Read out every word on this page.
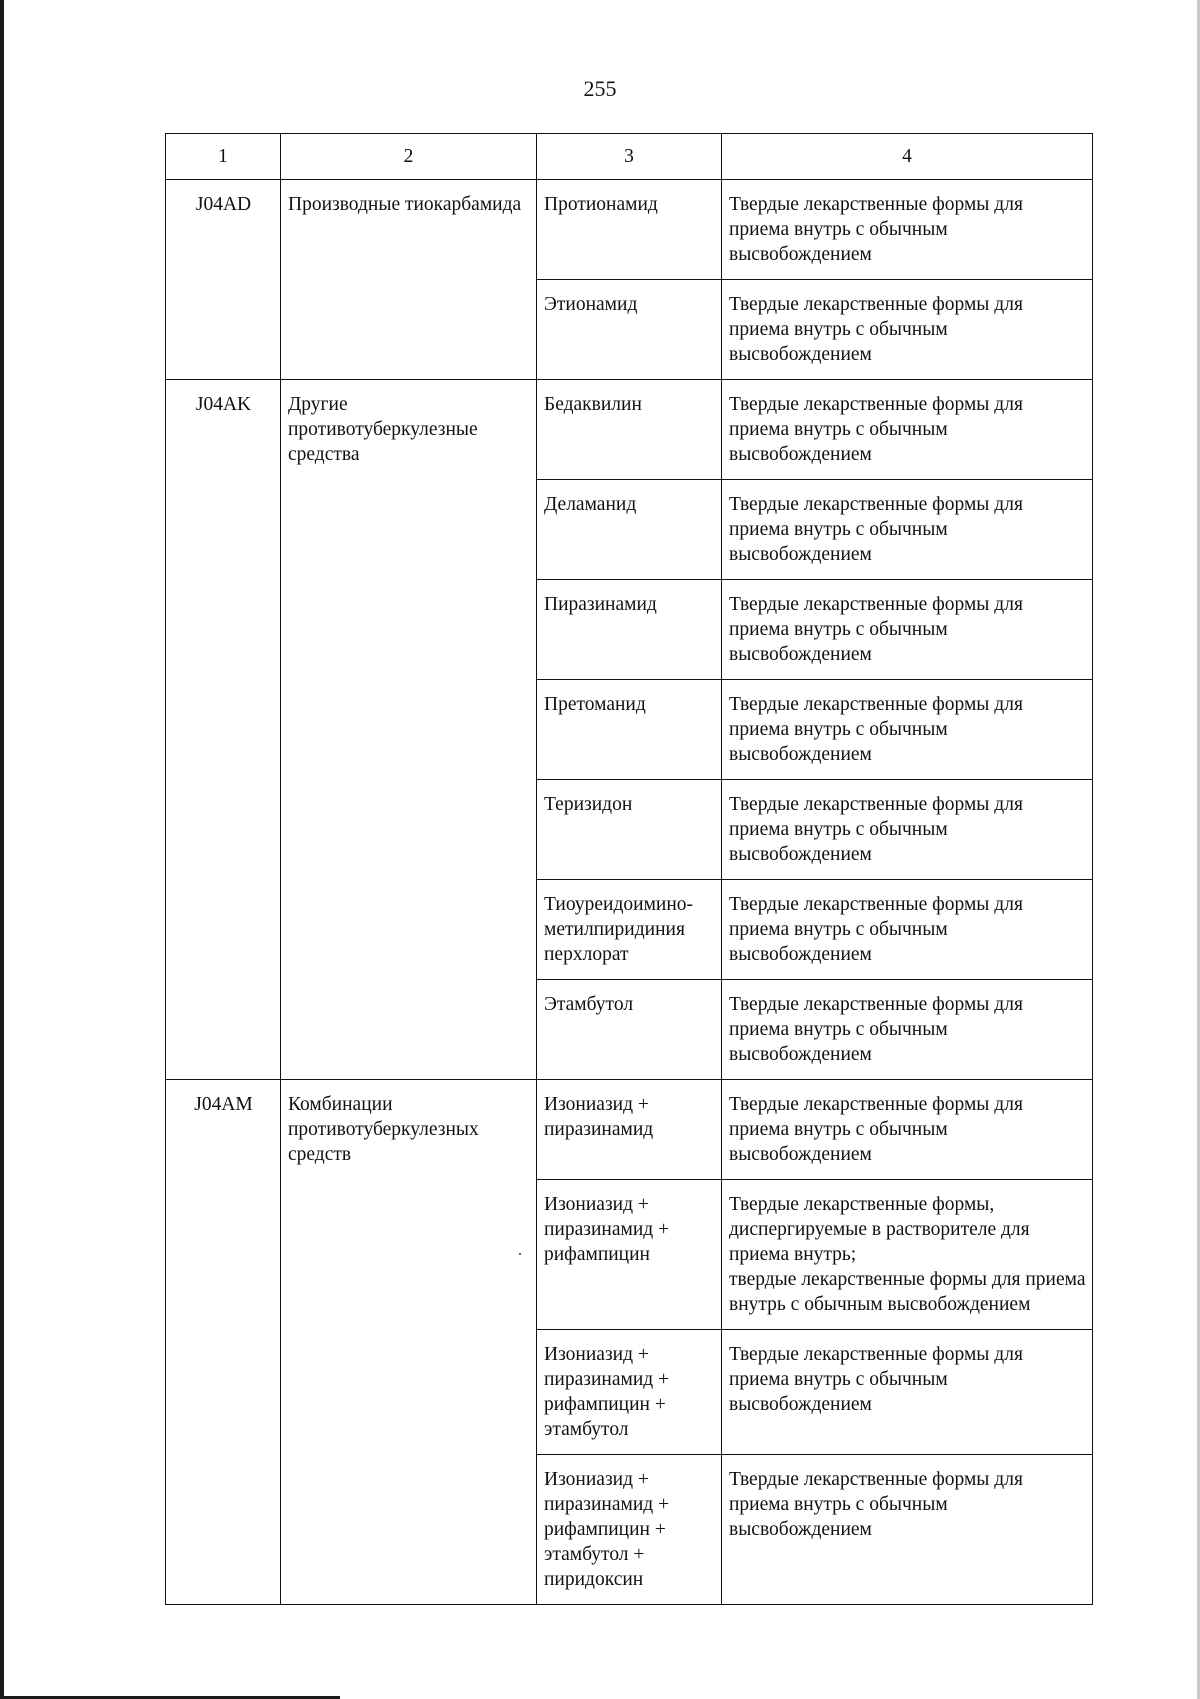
255
1	2	3	4
J04AD	Производные тиокарбамида	Протионамид	Твердые лекарственные формы для приема внутрь с обычным высвобождением
		Этионамид	Твердые лекарственные формы для приема внутрь с обычным высвобождением
J04AK	Другие противотуберкулезные средства	Бедаквилин	Твердые лекарственные формы для приема внутрь с обычным высвобождением
		Деламанид	Твердые лекарственные формы для приема внутрь с обычным высвобождением
		Пиразинамид	Твердые лекарственные формы для приема внутрь с обычным высвобождением
		Претоманид	Твердые лекарственные формы для приема внутрь с обычным высвобождением
		Теризидон	Твердые лекарственные формы для приема внутрь с обычным высвобождением
		Тиоуреидоимино-метилпиридиния перхлорат	Твердые лекарственные формы для приема внутрь с обычным высвобождением
		Этамбутол	Твердые лекарственные формы для приема внутрь с обычным высвобождением
J04AM	Комбинации противотуберкулезных средств	Изониазид + пиразинамид	Твердые лекарственные формы для приема внутрь с обычным высвобождением
		Изониазид + пиразинамид + рифампицин	Твердые лекарственные формы, диспергируемые в растворителе для приема внутрь;
твердые лекарственные формы для приема внутрь с обычным высвобождением
		Изониазид + пиразинамид + рифампицин + этамбутол	Твердые лекарственные формы для приема внутрь с обычным высвобождением
		Изониазид + пиразинамид + рифампицин + этамбутол + пиридоксин	Твердые лекарственные формы для приема внутрь с обычным высвобождением
